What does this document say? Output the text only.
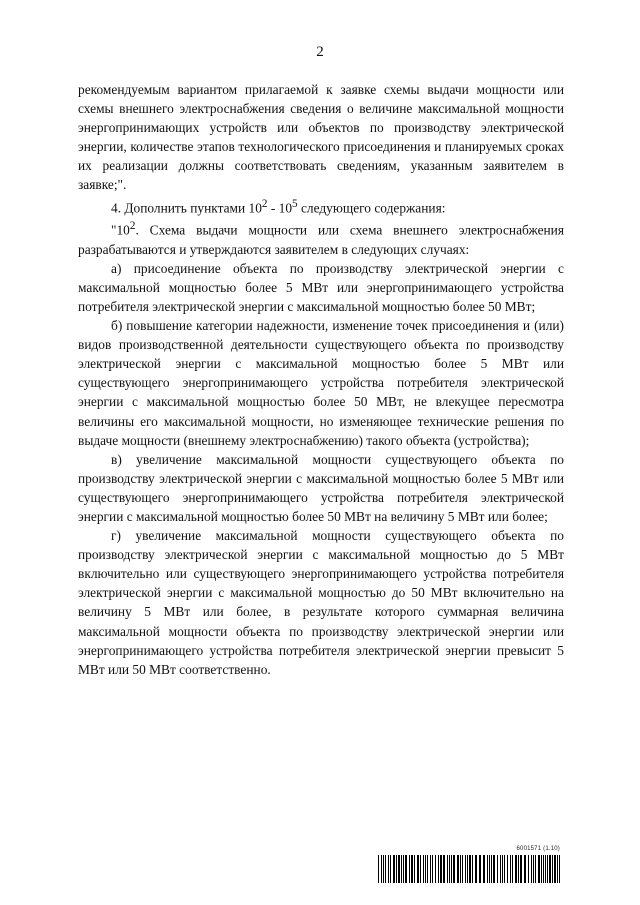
2

рекомендуемым вариантом прилагаемой к заявке схемы выдачи мощности или схемы внешнего электроснабжения сведения о величине максимальной мощности энергопринимающих устройств или объектов по производству электрической энергии, количестве этапов технологического присоединения и планируемых сроках их реализации должны соответствовать сведениям, указанным заявителем в заявке;".

4. Дополнить пунктами $10^2 - 10^5$ следующего содержания:

"$10^2$. Схема выдачи мощности или схема внешнего электроснабжения разрабатываются и утверждаются заявителем в следующих случаях:

а) присоединение объекта по производству электрической энергии с максимальной мощностью более 5 МВт или энергопринимающего устройства потребителя электрической энергии с максимальной мощностью более 50 МВт;

б) повышение категории надежности, изменение точек присоединения и (или) видов производственной деятельности существующего объекта по производству электрической энергии с максимальной мощностью более 5 МВт или существующего энергопринимающего устройства потребителя электрической энергии с максимальной мощностью более 50 МВт, не влекущее пересмотра величины его максимальной мощности, но изменяющее технические решения по выдаче мощности (внешнему электроснабжению) такого объекта (устройства);

в) увеличение максимальной мощности существующего объекта по производству электрической энергии с максимальной мощностью более 5 МВт или существующего энергопринимающего устройства потребителя электрической энергии с максимальной мощностью более 50 МВт на величину 5 МВт или более;

г) увеличение максимальной мощности существующего объекта по производству электрической энергии с максимальной мощностью до 5 МВт включительно или существующего энергопринимающего устройства потребителя электрической энергии с максимальной мощностью до 50 МВт включительно на величину 5 МВт или более, в результате которого суммарная величина максимальной мощности объекта по производству электрической энергии или энергопринимающего устройства потребителя электрической энергии превысит 5 МВт или 50 МВт соответственно.

6001571 (1.10)
